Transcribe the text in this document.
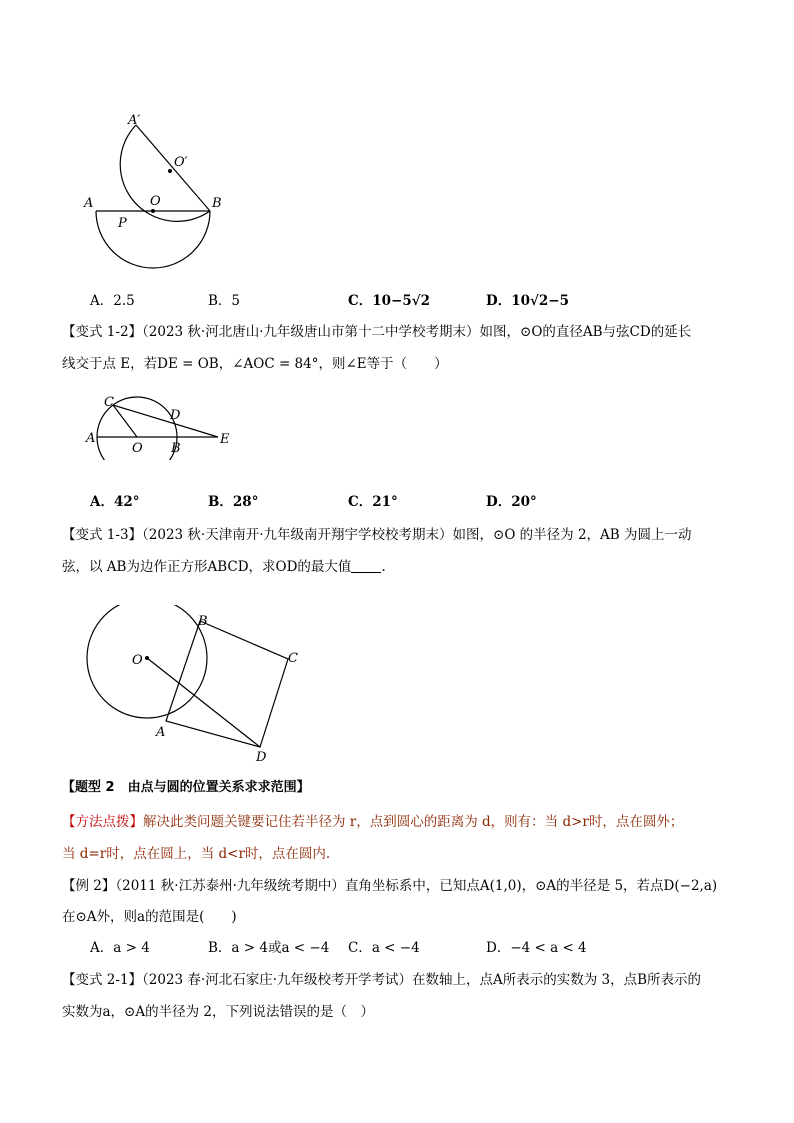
A′
O′
A	O	B
P
A．2.5	B．5	C．10−5√2	D．10√2−5
【变式 1-2】（2023 秋·河北唐山·九年级唐山市第十二中学校考期末）如图，⊙O的直径AB与弦CD的延长
线交于点 E，若DE = OB，∠AOC = 84°，则∠E等于（　　）
C
D
A
O B
E
A．42°	B．28°	C．21°	D．20°
【变式 1-3】（2023 秋·天津南开·九年级南开翔宇学校校考期末）如图，⊙O 的半径为 2，AB 为圆上一动
弦，以 AB为边作正方形ABCD，求OD的最大值 .
B
O	C
A
D
【题型 2　由点与圆的位置关系求求范围】
【方法点拨】解决此类问题关键要记住若半径为 r，点到圆心的距离为 d，则有：当 d>r时，点在圆外；
当 d=r时，点在圆上，当 d<r时，点在圆内.
【例 2】（2011 秋·江苏泰州·九年级统考期中）直角坐标系中，已知点A(1,0)，⊙A的半径是 5，若点D(−2,a)
在⊙A外，则a的范围是(　　)
A．a > 4	B．a > 4或a < −4 C．a < −4	D．−4 < a < 4
【变式 2-1】（2023 春·河北石家庄·九年级校考开学考试）在数轴上，点A所表示的实数为 3，点B所表示的
实数为a，⊙A的半径为 2，下列说法错误的是（　）
